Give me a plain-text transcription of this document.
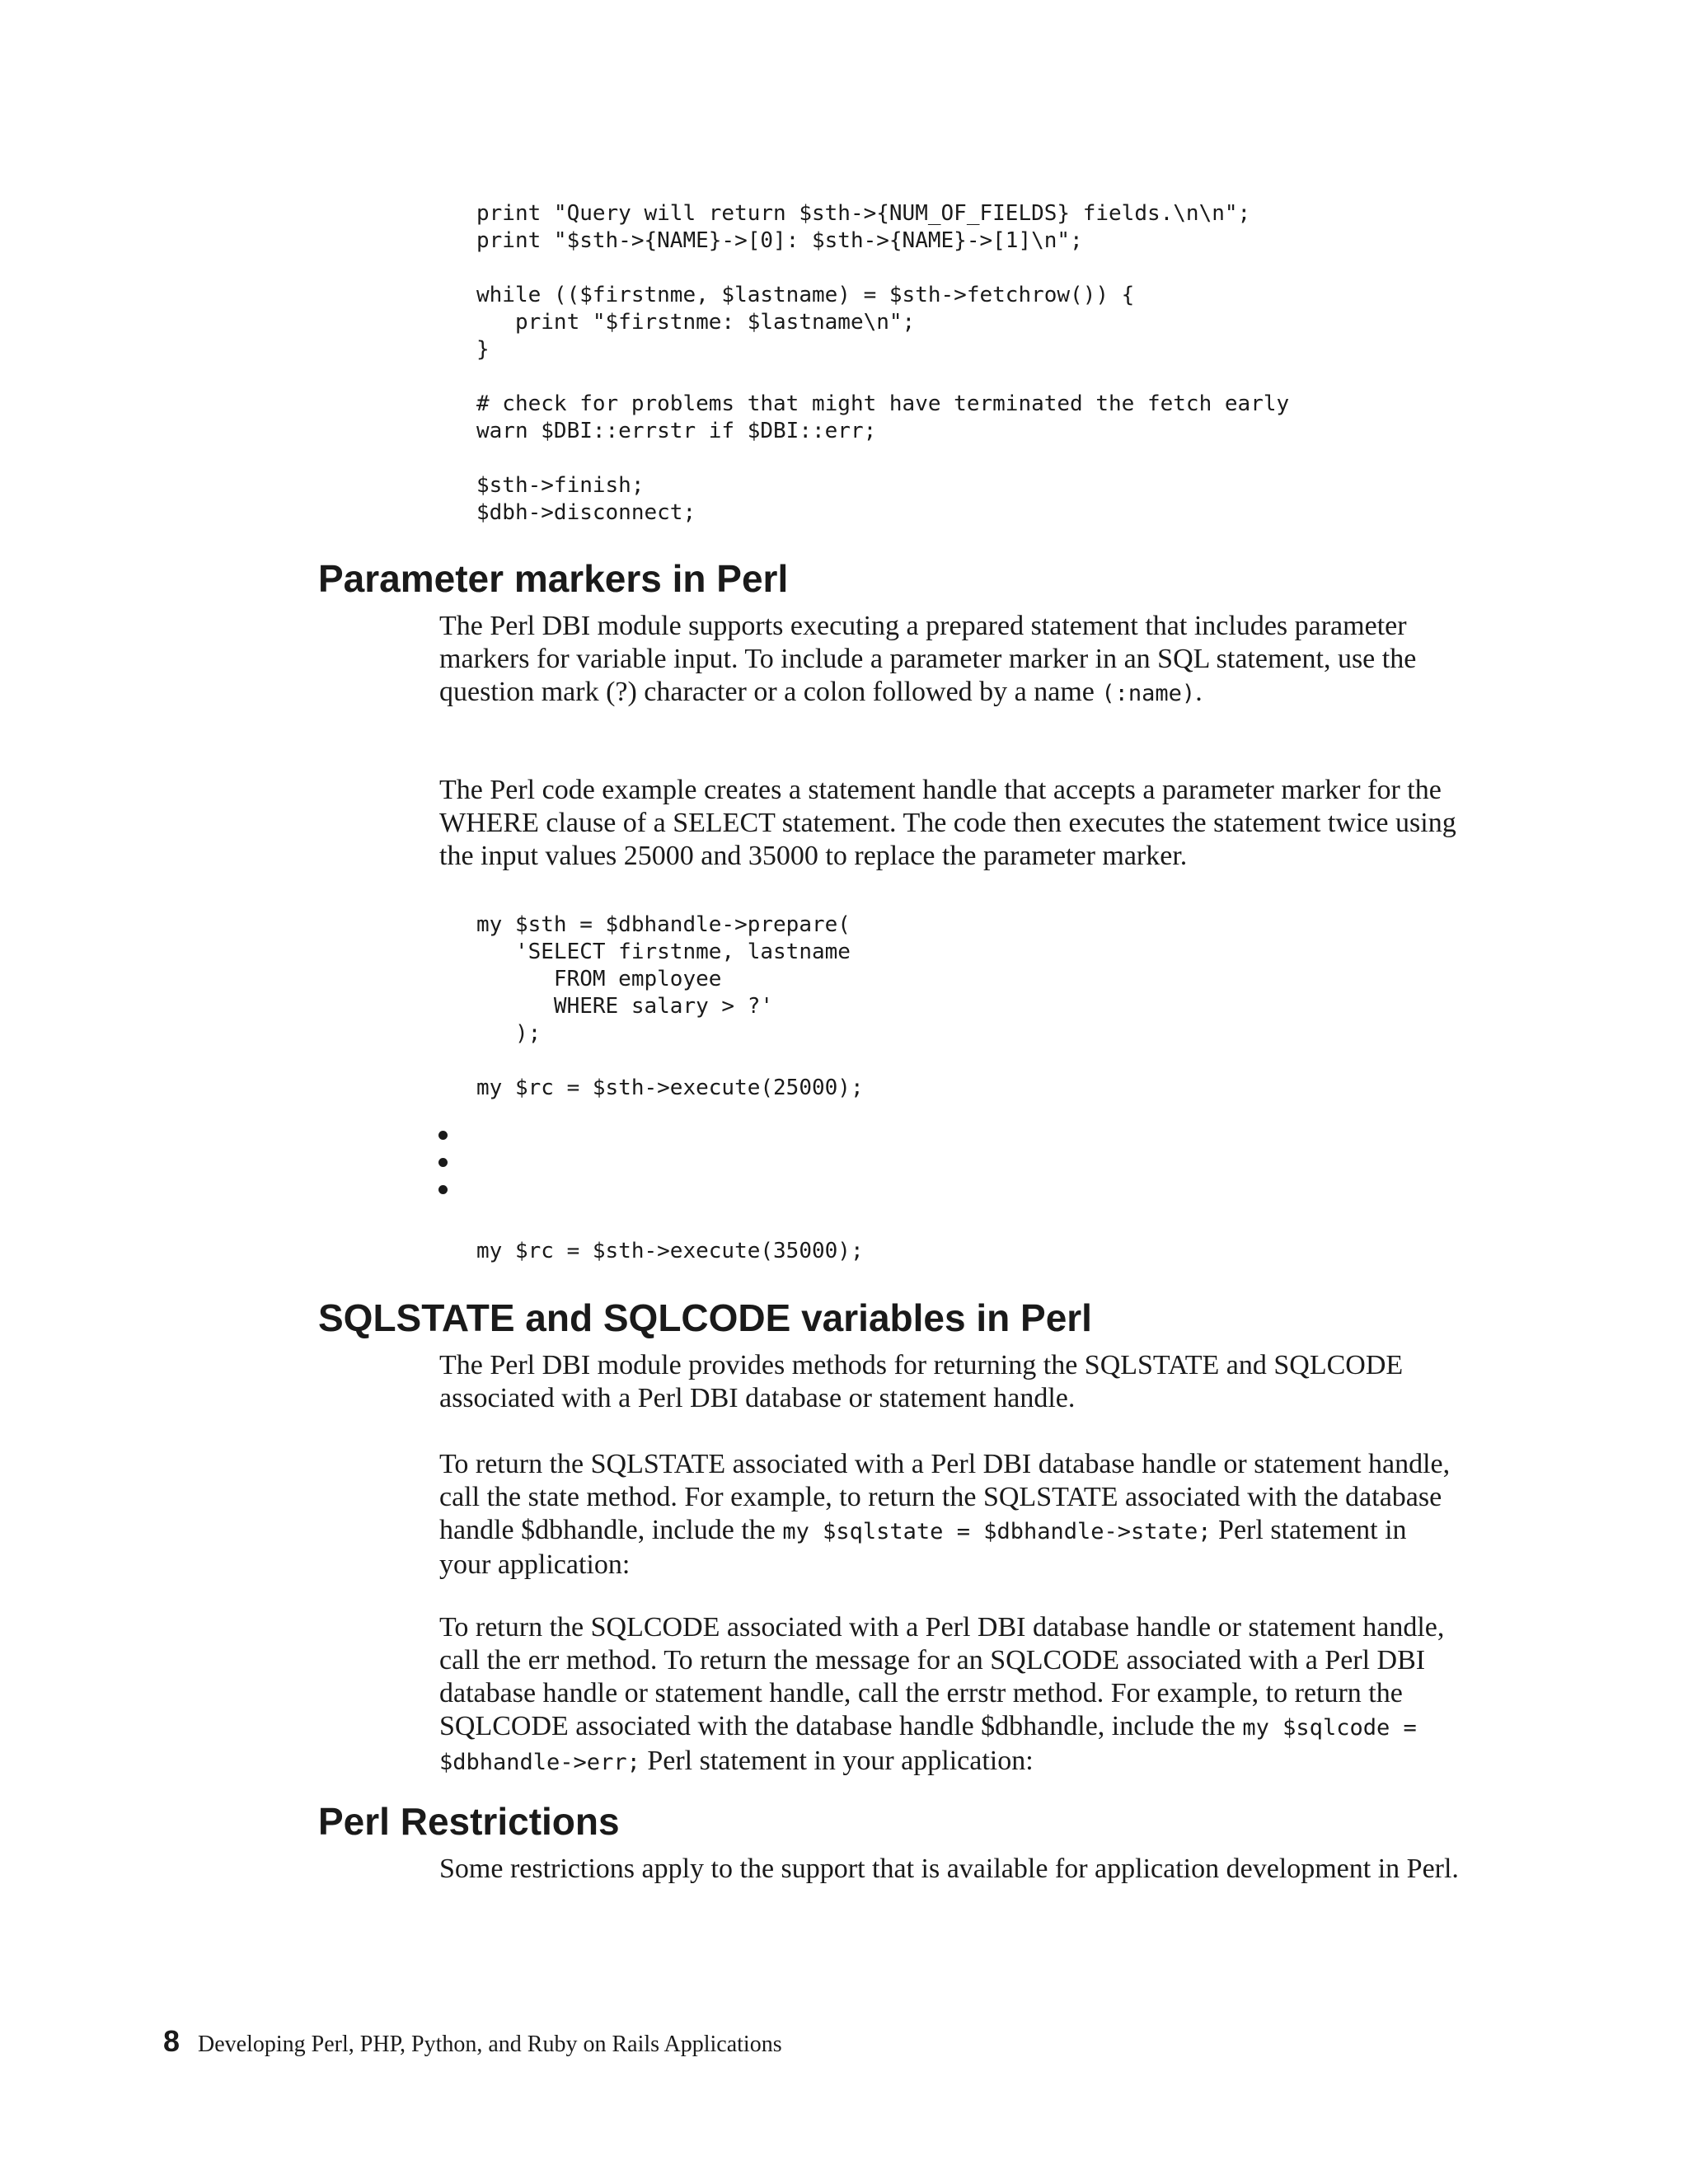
print "Query will return $sth->{NUM_OF_FIELDS} fields.\n\n";
print "$sth->{NAME}->[0]: $sth->{NAME}->[1]\n";

while (($firstnme, $lastname) = $sth->fetchrow()) {
print "$firstnme: $lastname\n";
}

# check for problems that might have terminated the fetch early
warn $DBI::errstr if $DBI::err;

$sth->finish;
$dbh->disconnect;
Parameter markers in Perl

The Perl DBI module supports executing a prepared statement that includes parameter markers for variable input. To include a parameter marker in an SQL statement, use the question mark (?) character or a colon followed by a name (:name).

The Perl code example creates a statement handle that accepts a parameter marker for the WHERE clause of a SELECT statement. The code then executes the statement twice using the input values 25000 and 35000 to replace the parameter marker.

my $sth = $dbhandle->prepare(
'SELECT firstnme, lastname
FROM employee
WHERE salary > ?'
);

my $rc = $sth->execute(25000);
my $rc = $sth->execute(35000);
SQLSTATE and SQLCODE variables in Perl

The Perl DBI module provides methods for returning the SQLSTATE and SQLCODE associated with a Perl DBI database or statement handle.

To return the SQLSTATE associated with a Perl DBI database handle or statement handle, call the state method. For example, to return the SQLSTATE associated with the database handle $dbhandle, include the my $sqlstate = $dbhandle->state; Perl statement in your application:

To return the SQLCODE associated with a Perl DBI database handle or statement handle, call the err method. To return the message for an SQLCODE associated with a Perl DBI database handle or statement handle, call the errstr method. For example, to return the SQLCODE associated with the database handle $dbhandle, include the my $sqlcode = $dbhandle->err; Perl statement in your application:

Perl Restrictions

Some restrictions apply to the support that is available for application development in Perl.

8 Developing Perl, PHP, Python, and Ruby on Rails Applications
